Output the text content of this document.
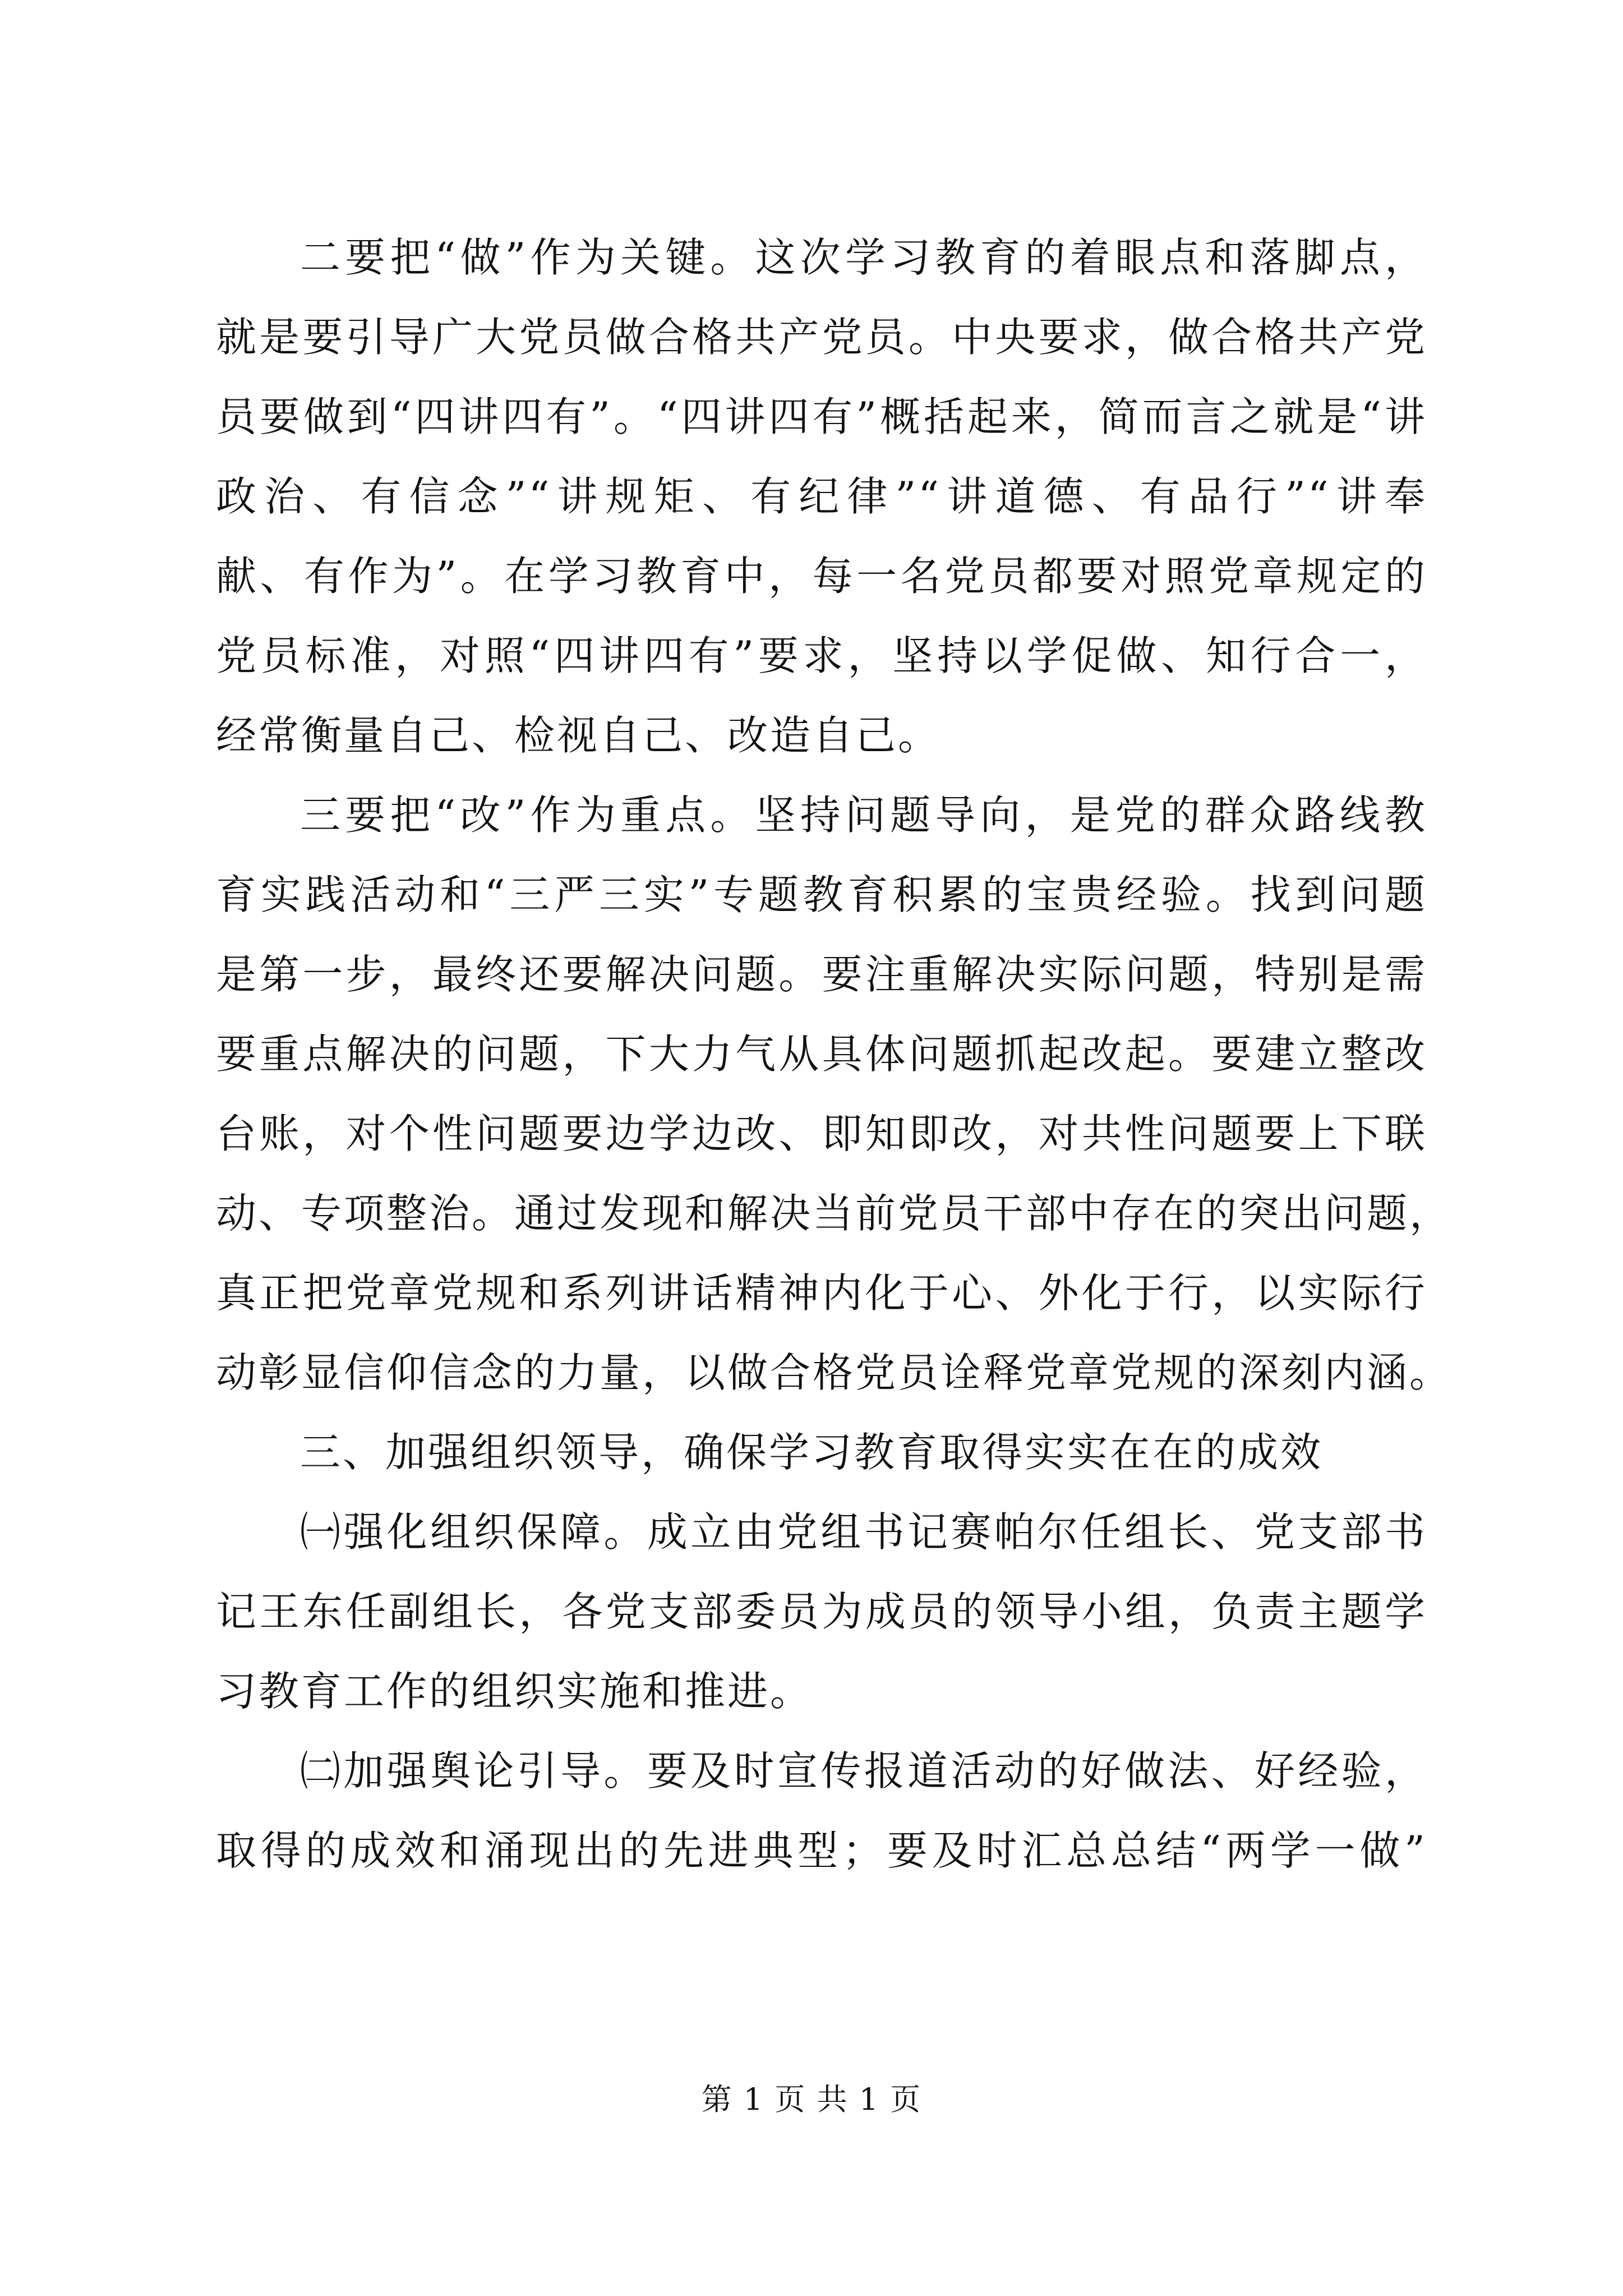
二要把“做”作为关键。这次学习教育的着眼点和落脚点，
就是要引导广大党员做合格共产党员。中央要求，做合格共产党
员要做到“四讲四有”。“四讲四有”概括起来，简而言之就是“讲
政治、有信念”“讲规矩、有纪律”“讲道德、有品行”“讲奉
献、有作为”。在学习教育中，每一名党员都要对照党章规定的
党员标准，对照“四讲四有”要求，坚持以学促做、知行合一，
经常衡量自己、检视自己、改造自己。
三要把“改”作为重点。坚持问题导向，是党的群众路线教
育实践活动和“三严三实”专题教育积累的宝贵经验。找到问题
是第一步，最终还要解决问题。要注重解决实际问题，特别是需
要重点解决的问题，下大力气从具体问题抓起改起。要建立整改
台账，对个性问题要边学边改、即知即改，对共性问题要上下联
动、专项整治。通过发现和解决当前党员干部中存在的突出问题，
真正把党章党规和系列讲话精神内化于心、外化于行，以实际行
动彰显信仰信念的力量，以做合格党员诠释党章党规的深刻内涵。
三、加强组织领导，确保学习教育取得实实在在的成效
㈠强化组织保障。成立由党组书记赛帕尔任组长、党支部书
记王东任副组长，各党支部委员为成员的领导小组，负责主题学
习教育工作的组织实施和推进。
㈡加强舆论引导。要及时宣传报道活动的好做法、好经验，
取得的成效和涌现出的先进典型；要及时汇总总结“两学一做”
第 1 页 共 1 页
